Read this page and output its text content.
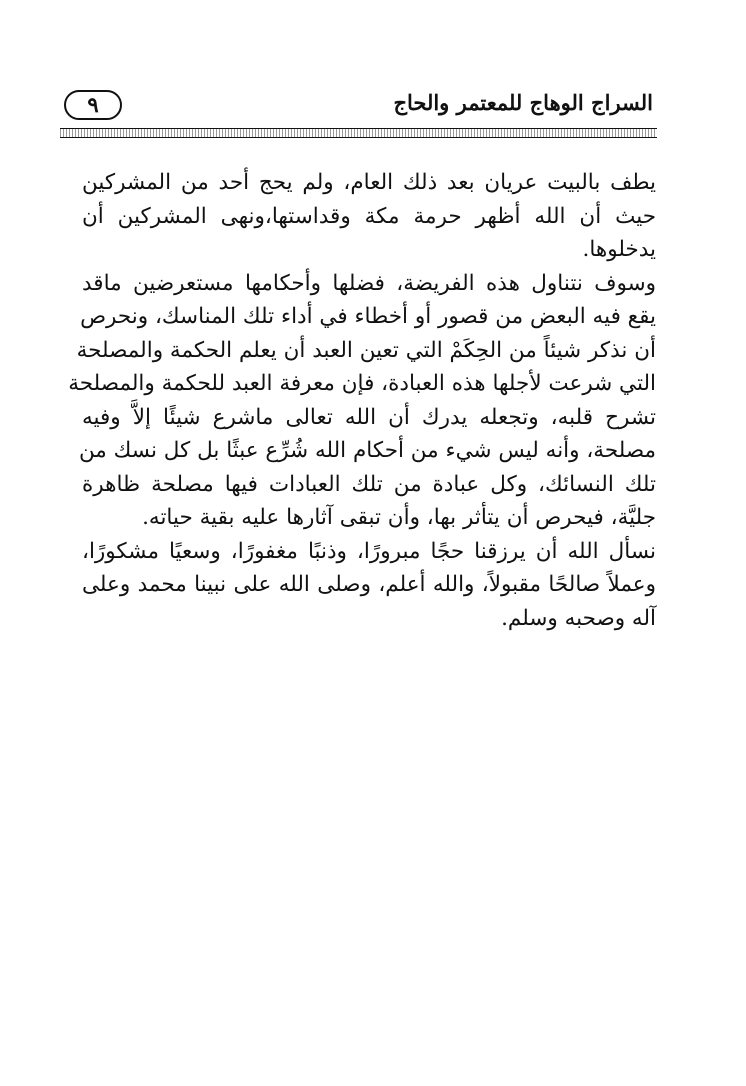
السراج الوهاج للمعتمر والحاج
٩
يطف بالبيت عريان بعد ذلك العام، ولم يحج أحد من المشركين
حيث أن الله أظهر حرمة مكة وقداستها،ونهى المشركين أن
يدخلوها.
وسوف نتناول هذه الفريضة، فضلها وأحكامها مستعرضين ماقد
يقع فيه البعض من قصور أو أخطاء في أداء تلك المناسك، ونحرص
أن نذكر شيئاً من الحِكَمْ التي تعين العبد أن يعلم الحكمة والمصلحة
التي شرعت لأجلها هذه العبادة، فإن معرفة العبد للحكمة والمصلحة
تشرح قلبه، وتجعله يدرك أن الله تعالى ماشرع شيئًا إلاَّ وفيه
مصلحة، وأنه ليس شيء من أحكام الله شُرِّع عبثًا بل كل نسك من
تلك النسائك، وكل عبادة من تلك العبادات فيها مصلحة ظاهرة
جليَّة، فيحرص أن يتأثر بها، وأن تبقى آثارها عليه بقية حياته.
نسأل الله أن يرزقنا حجًا مبرورًا، وذنبًا مغفورًا، وسعيًا مشكورًا،
وعملاً صالحًا مقبولاً، والله أعلم، وصلى الله على نبينا محمد وعلى
آله وصحبه وسلم.
